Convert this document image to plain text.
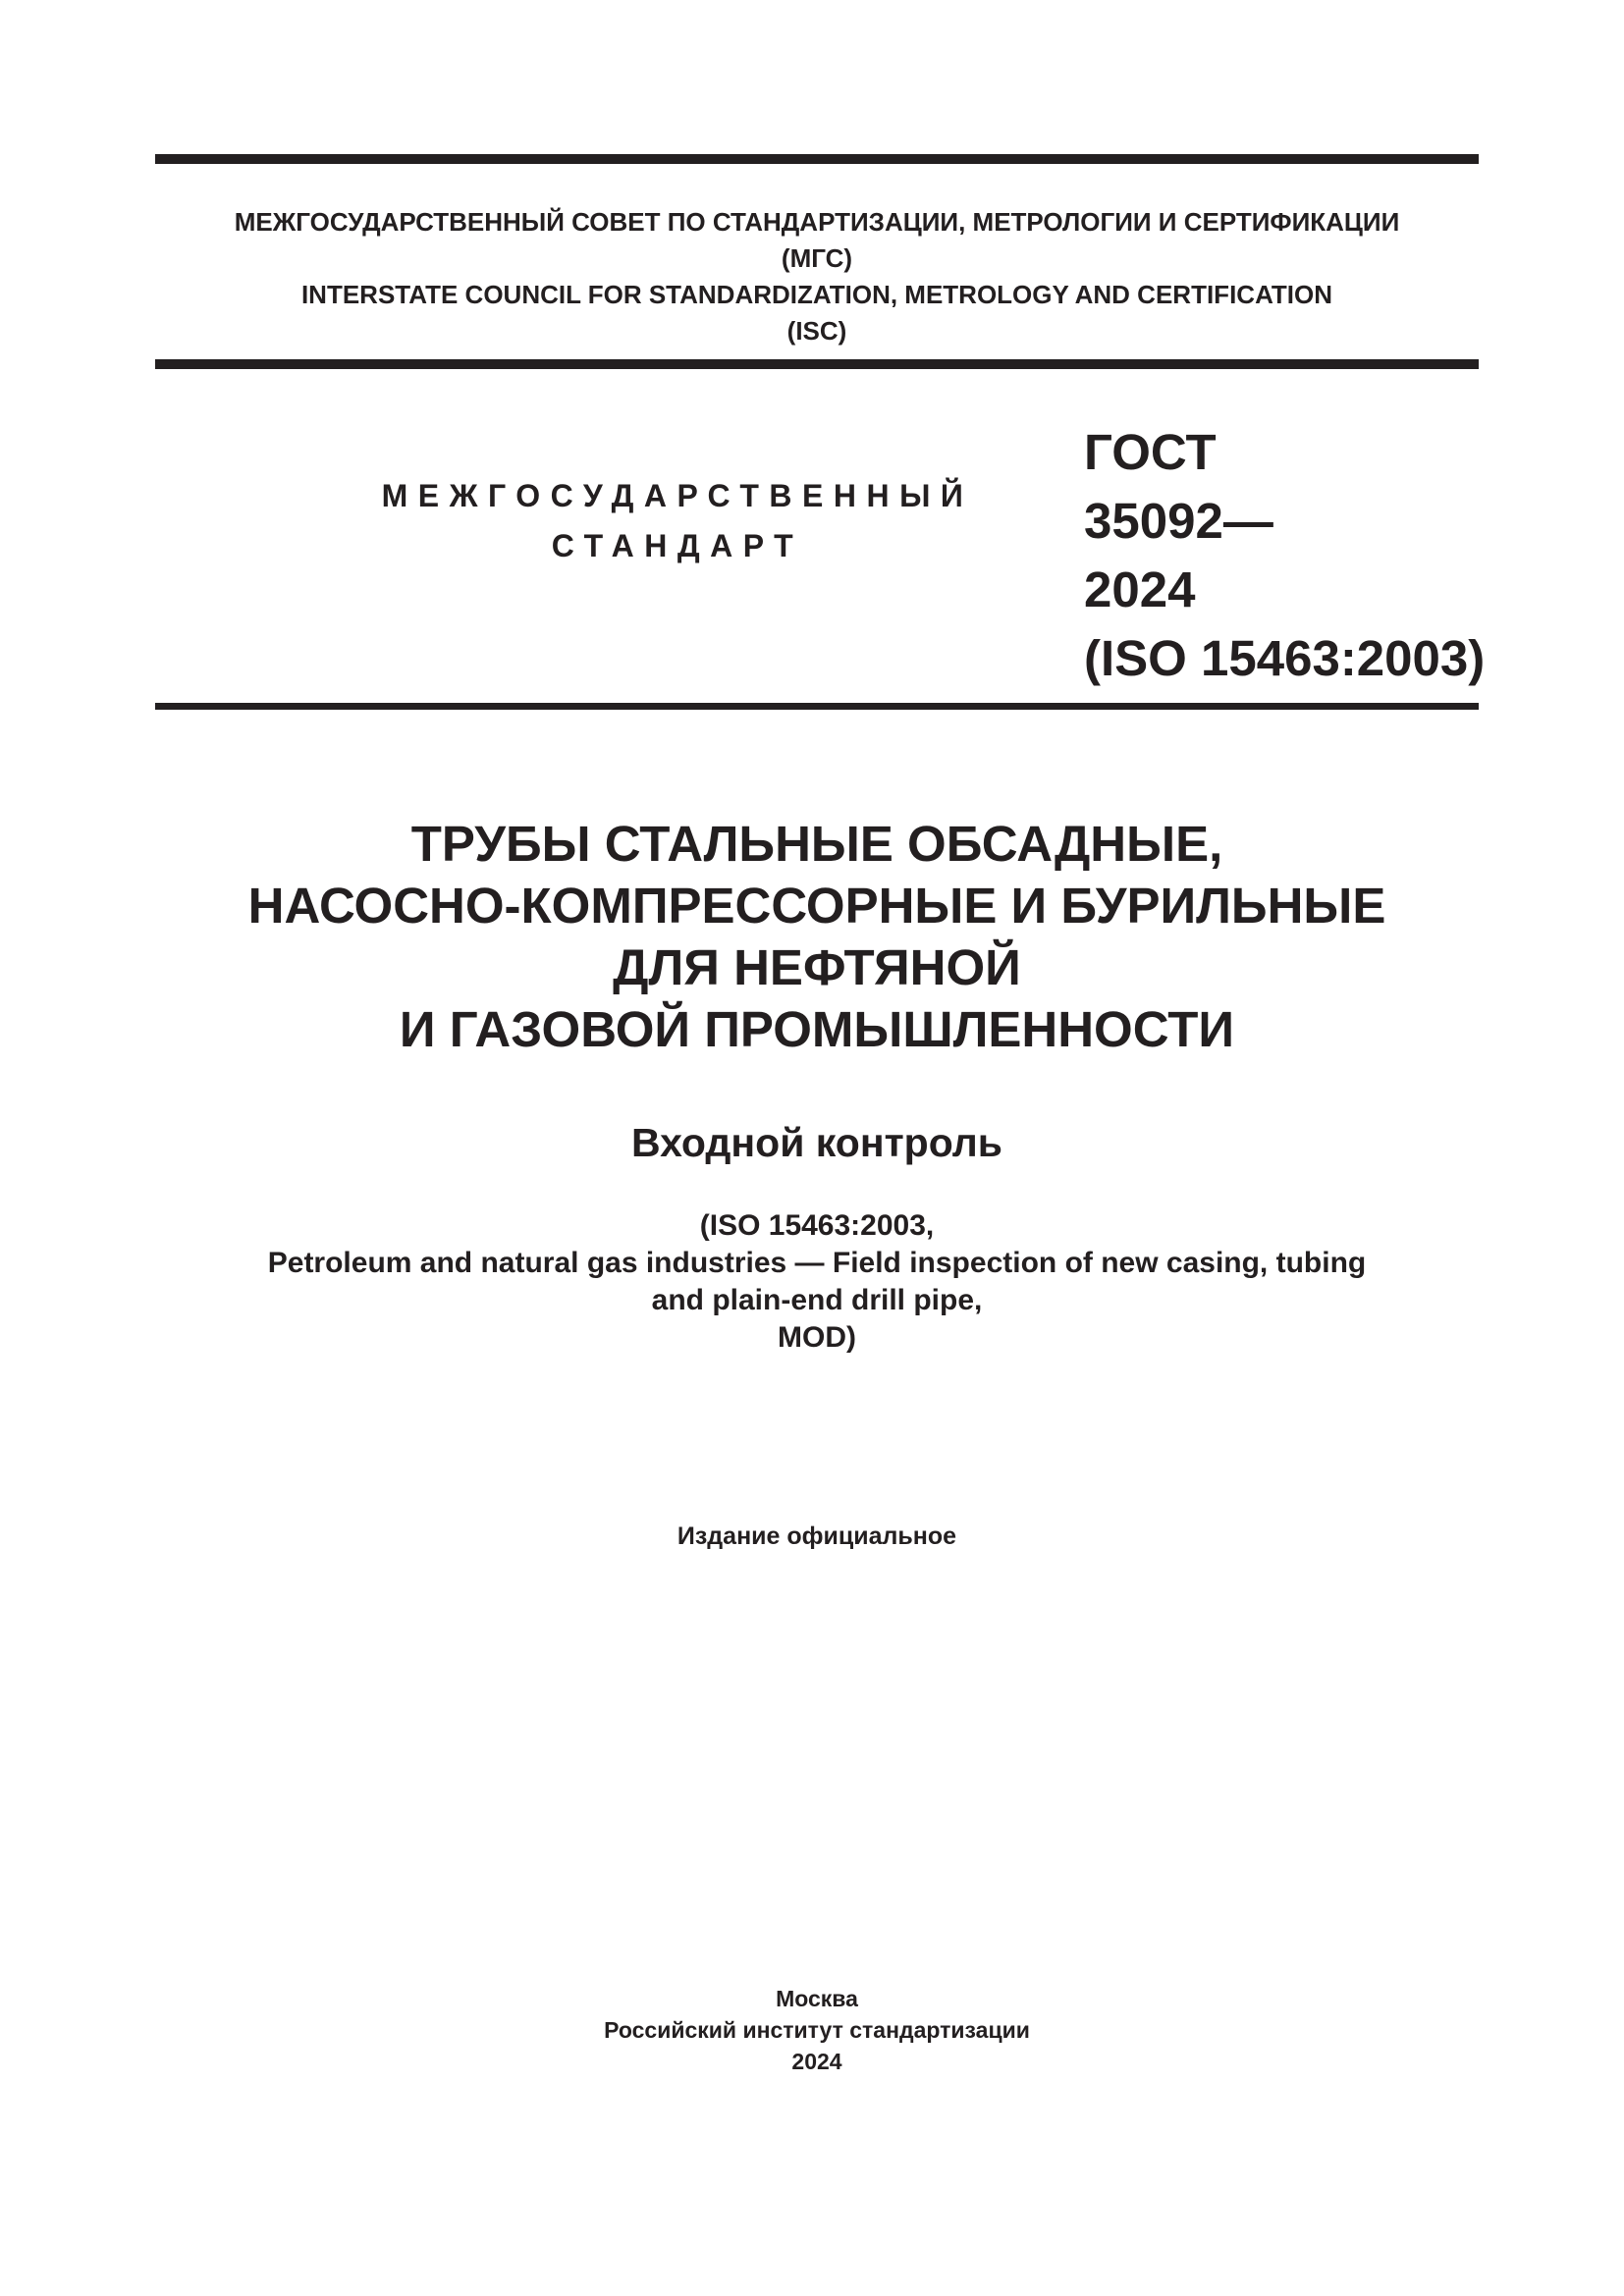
МЕЖГОСУДАРСТВЕННЫЙ СОВЕТ ПО СТАНДАРТИЗАЦИИ, МЕТРОЛОГИИ И СЕРТИФИКАЦИИ
(МГС)
INTERSTATE COUNCIL FOR STANDARDIZATION, METROLOGY AND CERTIFICATION
(ISC)
МЕЖГОСУДАРСТВЕННЫЙ
СТАНДАРТ
ГОСТ
35092—
2024
(ISO 15463:2003)
ТРУБЫ СТАЛЬНЫЕ ОБСАДНЫЕ,
НАСОСНО-КОМПРЕССОРНЫЕ И БУРИЛЬНЫЕ
ДЛЯ НЕФТЯНОЙ
И ГАЗОВОЙ ПРОМЫШЛЕННОСТИ
Входной контроль
(ISO 15463:2003,
Petroleum and natural gas industries — Field inspection of new casing, tubing
and plain-end drill pipe,
MOD)
Издание официальное
Москва
Российский институт стандартизации
2024
